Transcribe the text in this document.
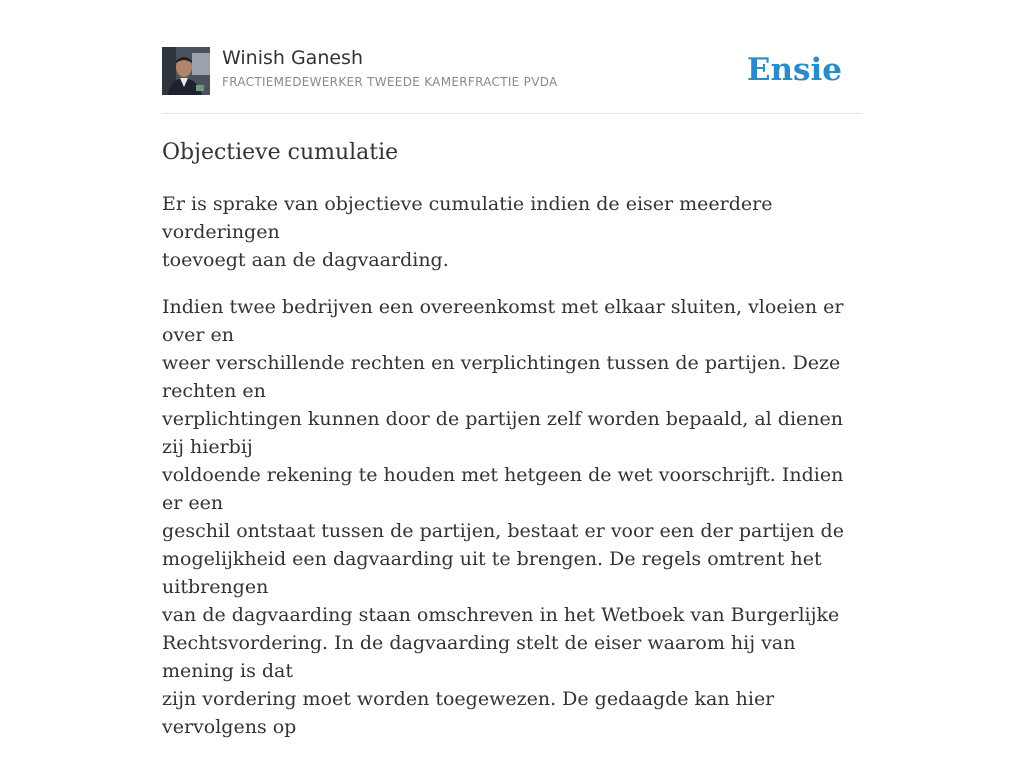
Winish Ganesh
FRACTIEMEDEWERKER TWEEDE KAMERFRACTIE PVDA	Ensie
Objectieve cumulatie

Er is sprake van objectieve cumulatie indien de eiser meerdere vorderingen
toevoegt aan de dagvaarding.

Indien twee bedrijven een overeenkomst met elkaar sluiten, vloeien er over en
weer verschillende rechten en verplichtingen tussen de partijen. Deze rechten en
verplichtingen kunnen door de partijen zelf worden bepaald, al dienen zij hierbij
voldoende rekening te houden met hetgeen de wet voorschrijft. Indien er een
geschil ontstaat tussen de partijen, bestaat er voor een der partijen de
mogelijkheid een dagvaarding uit te brengen. De regels omtrent het uitbrengen
van de dagvaarding staan omschreven in het Wetboek van Burgerlijke
Rechtsvordering. In de dagvaarding stelt de eiser waarom hij van mening is dat
zijn vordering moet worden toegewezen. De gedaagde kan hier vervolgens op
